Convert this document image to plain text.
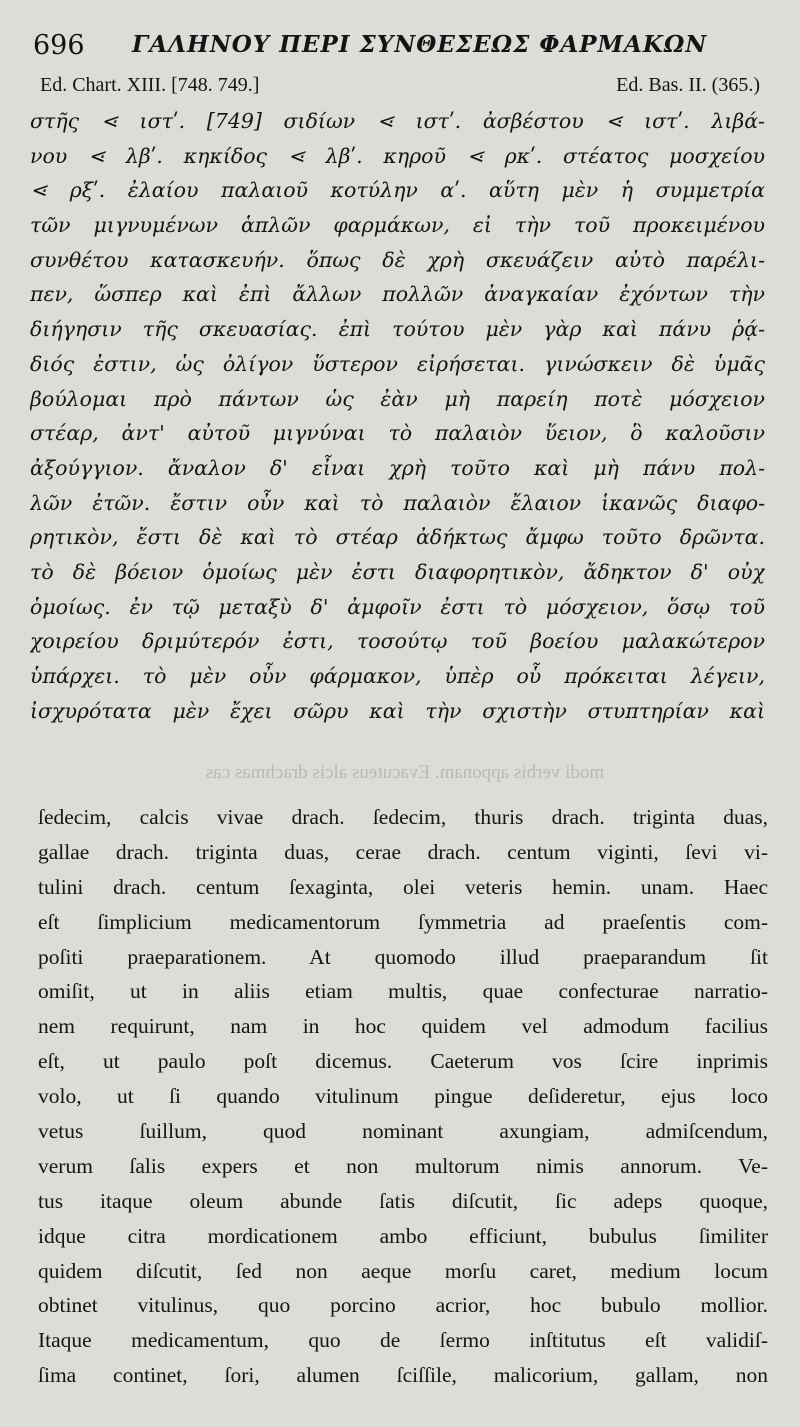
696 ΓΑΛΗΝΟΥ ΠΕΡΙ ΣΥΝΘΕΣΕΩΣ ΦΑΡΜΑΚΩΝ
Ed. Chart. XIII. [748. 749.]	Ed. Bas. II. (365.)
στῆς ⋖ ιστʹ. [749] σιδίων ⋖ ιστʹ. ἀσβέστου ⋖ ιστʹ. λιβά-
νου ⋖ λβʹ. κηκίδος ⋖ λβʹ. κηροῦ ⋖ ρκʹ. στέατος μοσχείου
⋖ ρξʹ. ἐλαίου παλαιοῦ κοτύλην αʹ. αὕτη μὲν ἡ συμμετρία
τῶν μιγνυμένων ἁπλῶν φαρμάκων, εἰ τὴν τοῦ προκειμένου
συνθέτου κατασκευήν. ὅπως δὲ χρὴ σκευάζειν αὐτὸ παρέλι-
πεν, ὥσπερ καὶ ἐπὶ ἄλλων πολλῶν ἀναγκαίαν ἐχόντων τὴν
διήγησιν τῆς σκευασίας. ἐπὶ τούτου μὲν γὰρ καὶ πάνυ ῥᾴ-
διός ἐστιν, ὡς ὀλίγον ὕστερον εἰρήσεται. γινώσκειν δὲ ὑμᾶς
βούλομαι πρὸ πάντων ὡς ἐὰν μὴ παρείη ποτὲ μόσχειον
στέαρ, ἀντ' αὐτοῦ μιγνύναι τὸ παλαιὸν ὕειον, ὃ καλοῦσιν
ἀξούγγιον. ἄναλον δ' εἶναι χρὴ τοῦτο καὶ μὴ πάνυ πολ-
λῶν ἐτῶν. ἔστιν οὖν καὶ τὸ παλαιὸν ἔλαιον ἱκανῶς διαφο-
ρητικὸν, ἔστι δὲ καὶ τὸ στέαρ ἀδήκτως ἄμφω τοῦτο δρῶντα.
τὸ δὲ βόειον ὁμοίως μὲν ἐστι διαφορητικὸν, ἄδηκτον δ' οὐχ
ὁμοίως. ἐν τῷ μεταξὺ δ' ἀμφοῖν ἐστι τὸ μόσχειον, ὅσῳ τοῦ
χοιρείου δριμύτερόν ἐστι, τοσούτῳ τοῦ βοείου μαλακώτερον
ὑπάρχει. τὸ μὲν οὖν φάρμακον, ὑπὲρ οὗ πρόκειται λέγειν,
ἰσχυρότατα μὲν ἔχει σῶρυ καὶ τὴν σχιστὴν στυπτηρίαν καὶ
modi verbis apponam. Evacuteus alcis drachmas cas
ſedecim, calcis vivae drach. ſedecim, thuris drach. triginta duas,
gallae drach. triginta duas, cerae drach. centum viginti, ſevi vi-
tulini drach. centum ſexaginta, olei veteris hemin. unam. Haec
eſt ſimplicium medicamentorum ſymmetria ad praeſentis com-
poſiti praeparationem. At quomodo illud praeparandum ſit
omiſit, ut in aliis etiam multis, quae confecturae narratio-
nem requirunt, nam in hoc quidem vel admodum facilius
eſt, ut paulo poſt dicemus. Caeterum vos ſcire inprimis
volo, ut ſi quando vitulinum pingue deſideretur, ejus loco
vetus ſuillum, quod nominant axungiam, admiſcendum,
verum ſalis expers et non multorum nimis annorum. Ve-
tus itaque oleum abunde ſatis diſcutit, ſic adeps quoque,
idque citra mordicationem ambo efficiunt, bubulus ſimiliter
quidem diſcutit, ſed non aeque morſu caret, medium locum
obtinet vitulinus, quo porcino acrior, hoc bubulo mollior.
Itaque medicamentum, quo de ſermo inſtitutus eſt validiſ-
ſima continet, ſori, alumen ſciſſile, malicorium, gallam, non
